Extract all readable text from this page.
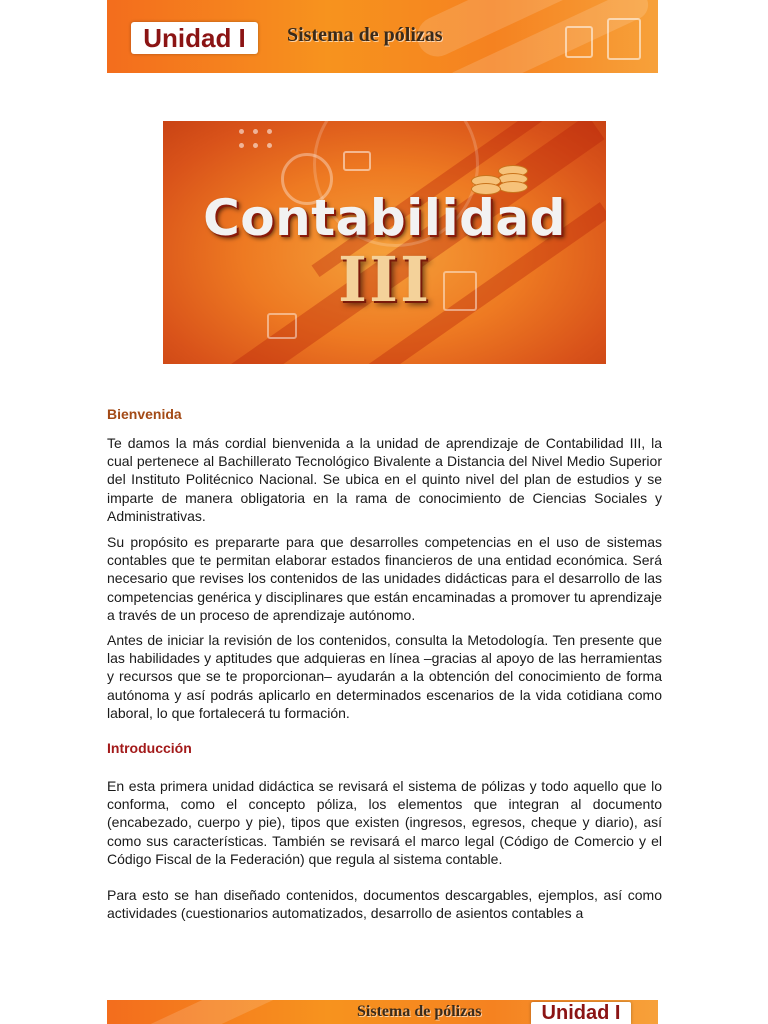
Unidad I	Sistema de pólizas
Contabilidad
III
Bienvenida

Te damos la más cordial bienvenida a la unidad de aprendizaje de Contabilidad III, la cual pertenece al Bachillerato Tecnológico Bivalente a Distancia del Nivel Medio Superior del Instituto Politécnico Nacional. Se ubica en el quinto nivel del plan de estudios y se imparte de manera obligatoria en la rama de conocimiento de Ciencias Sociales y Administrativas.

Su propósito es prepararte para que desarrolles competencias en el uso de sistemas contables que te permitan elaborar estados financieros de una entidad económica. Será necesario que revises los contenidos de las unidades didácticas para el desarrollo de las competencias genérica y disciplinares que están encaminadas a promover tu aprendizaje a través de un proceso de aprendizaje autónomo.

Antes de iniciar la revisión de los contenidos, consulta la Metodología. Ten presente que las habilidades y aptitudes que adquieras en línea –gracias al apoyo de las herramientas y recursos que se te proporcionan– ayudarán a la obtención del conocimiento de forma autónoma y así podrás aplicarlo en determinados escenarios de la vida cotidiana como laboral, lo que fortalecerá tu formación.

Introducción

En esta primera unidad didáctica se revisará el sistema de pólizas y todo aquello que lo conforma, como el concepto póliza, los elementos que integran al documento (encabezado, cuerpo y pie), tipos que existen (ingresos, egresos, cheque y diario), así como sus características. También se revisará el marco legal (Código de Comercio y el Código Fiscal de la Federación) que regula al sistema contable.

Para esto se han diseñado contenidos, documentos descargables, ejemplos, así como actividades (cuestionarios automatizados, desarrollo de asientos contables a

Sistema de pólizas	Unidad I
